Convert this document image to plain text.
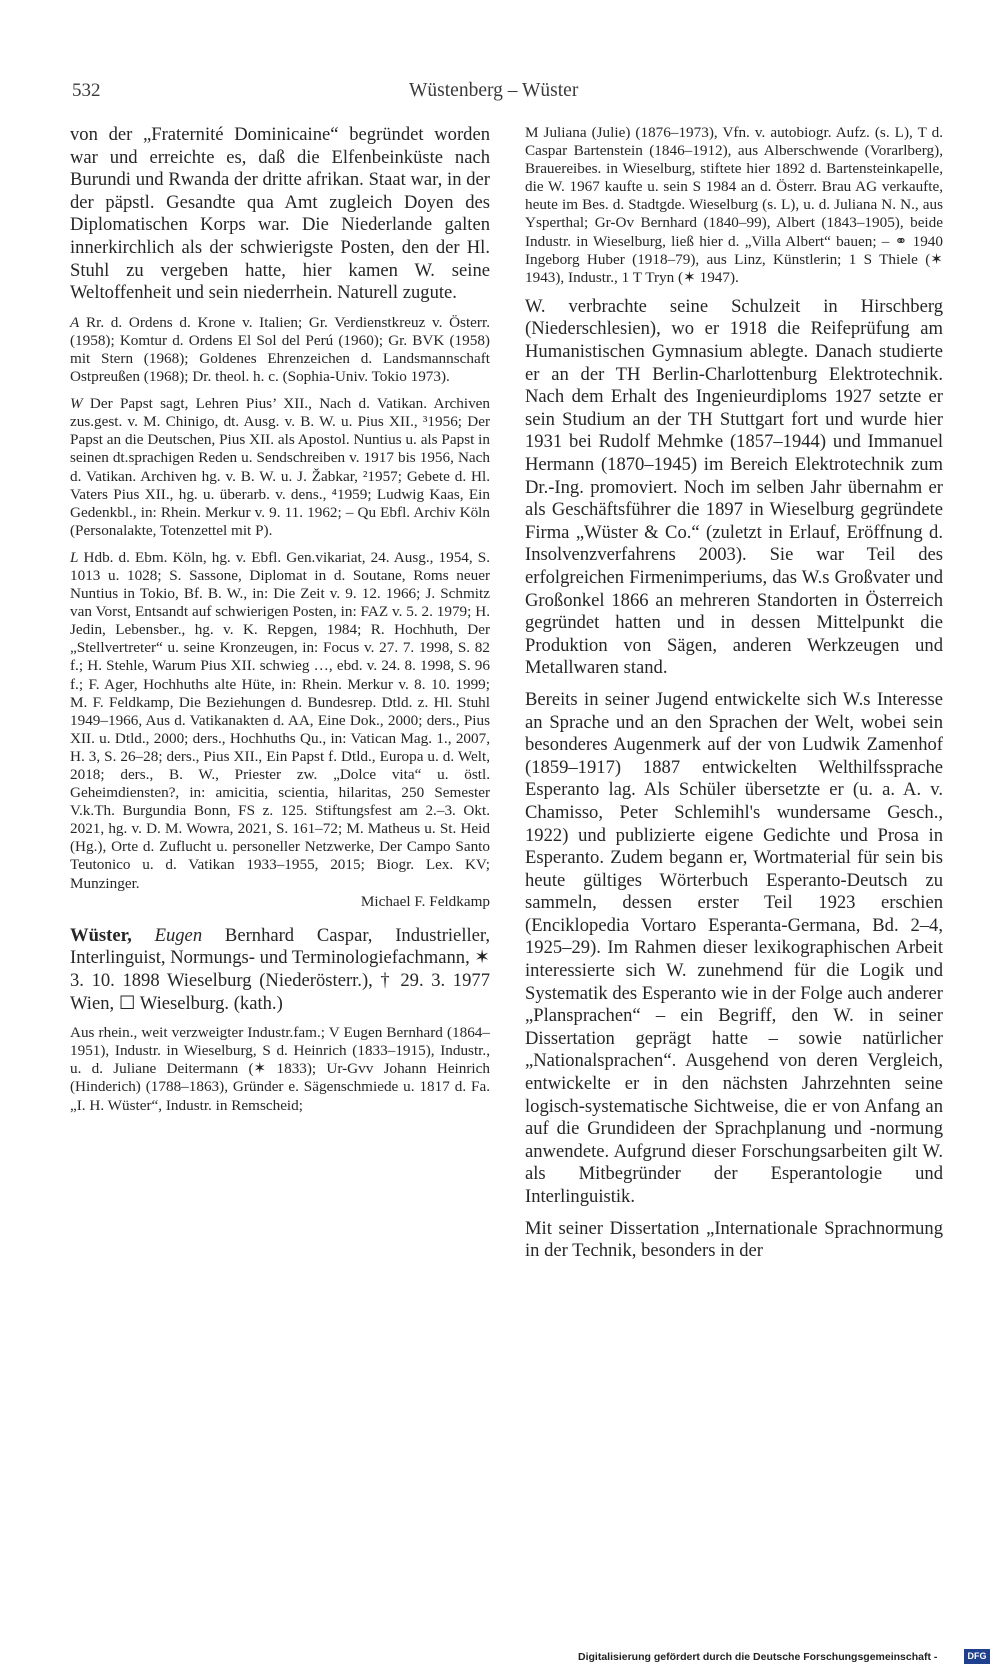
532	Wüstenberg – Wüster

von der „Fraternité Dominicaine“ begründet worden war und erreichte es, daß die Elfenbeinküste nach Burundi und Rwanda der dritte afrikan. Staat war, in der der päpstl. Gesandte qua Amt zugleich Doyen des Diplomatischen Korps war. Die Niederlande galten innerkirchlich als der schwierigste Posten, den der Hl. Stuhl zu vergeben hatte, hier kamen W. seine Weltoffenheit und sein niederrhein. Naturell zugute.

A Rr. d. Ordens d. Krone v. Italien; Gr. Verdienstkreuz v. Österr. (1958); Komtur d. Ordens El Sol del Perú (1960); Gr. BVK (1958) mit Stern (1968); Goldenes Ehrenzeichen d. Landsmannschaft Ostpreußen (1968); Dr. theol. h. c. (Sophia-Univ. Tokio 1973).

W Der Papst sagt, Lehren Pius’ XII., Nach d. Vatikan. Archiven zus.gest. v. M. Chinigo, dt. Ausg. v. B. W. u. Pius XII., ³1956; Der Papst an die Deutschen, Pius XII. als Apostol. Nuntius u. als Papst in seinen dt.sprachigen Reden u. Sendschreiben v. 1917 bis 1956, Nach d. Vatikan. Archiven hg. v. B. W. u. J. Žabkar, ²1957; Gebete d. Hl. Vaters Pius XII., hg. u. überarb. v. dens., ⁴1959; Ludwig Kaas, Ein Gedenkbl., in: Rhein. Merkur v. 9. 11. 1962; – Qu Ebfl. Archiv Köln (Personalakte, Totenzettel mit P).

L Hdb. d. Ebm. Köln, hg. v. Ebfl. Gen.vikariat, 24. Ausg., 1954, S. 1013 u. 1028; S. Sassone, Diplomat in d. Soutane, Roms neuer Nuntius in Tokio, Bf. B. W., in: Die Zeit v. 9. 12. 1966; J. Schmitz van Vorst, Entsandt auf schwierigen Posten, in: FAZ v. 5. 2. 1979; H. Jedin, Lebensber., hg. v. K. Repgen, 1984; R. Hochhuth, Der „Stellvertreter“ u. seine Kronzeugen, in: Focus v. 27. 7. 1998, S. 82 f.; H. Stehle, Warum Pius XII. schwieg …, ebd. v. 24. 8. 1998, S. 96 f.; F. Ager, Hochhuths alte Hüte, in: Rhein. Merkur v. 8. 10. 1999; M. F. Feldkamp, Die Beziehungen d. Bundesrep. Dtld. z. Hl. Stuhl 1949–1966, Aus d. Vatikanakten d. AA, Eine Dok., 2000; ders., Pius XII. u. Dtld., 2000; ders., Hochhuths Qu., in: Vatican Mag. 1., 2007, H. 3, S. 26–28; ders., Pius XII., Ein Papst f. Dtld., Europa u. d. Welt, 2018; ders., B. W., Priester zw. „Dolce vita“ u. östl. Geheimdiensten?, in: amicitia, scientia, hilaritas, 250 Semester V.k.Th. Burgundia Bonn, FS z. 125. Stiftungsfest am 2.–3. Okt. 2021, hg. v. D. M. Wowra, 2021, S. 161–72; M. Matheus u. St. Heid (Hg.), Orte d. Zuflucht u. personeller Netzwerke, Der Campo Santo Teutonico u. d. Vatikan 1933–1955, 2015; Biogr. Lex. KV; Munzinger.

Michael F. Feldkamp

Wüster, Eugen Bernhard Caspar, Industrieller, Interlinguist, Normungs- und Terminologiefachmann, ✶ 3. 10. 1898 Wieselburg (Niederösterr.), † 29. 3. 1977 Wien, ☐ Wieselburg. (kath.)

Aus rhein., weit verzweigter Industr.fam.; V Eugen Bernhard (1864–1951), Industr. in Wieselburg, S d. Heinrich (1833–1915), Industr., u. d. Juliane Deitermann (✶ 1833); Ur-Gvv Johann Heinrich (Hinderich) (1788–1863), Gründer e. Sägenschmiede u. 1817 d. Fa. „I. H. Wüster“, Industr. in Remscheid;

M Juliana (Julie) (1876–1973), Vfn. v. autobiogr. Aufz. (s. L), T d. Caspar Bartenstein (1846–1912), aus Alberschwende (Vorarlberg), Brauereibes. in Wieselburg, stiftete hier 1892 d. Bartensteinkapelle, die W. 1967 kaufte u. sein S 1984 an d. Österr. Brau AG verkaufte, heute im Bes. d. Stadtgde. Wieselburg (s. L), u. d. Juliana N. N., aus Ysperthal; Gr-Ov Bernhard (1840–99), Albert (1843–1905), beide Industr. in Wieselburg, ließ hier d. „Villa Albert“ bauen; – ⚭ 1940 Ingeborg Huber (1918–79), aus Linz, Künstlerin; 1 S Thiele (✶ 1943), Industr., 1 T Tryn (✶ 1947).

W. verbrachte seine Schulzeit in Hirschberg (Niederschlesien), wo er 1918 die Reifeprüfung am Humanistischen Gymnasium ablegte. Danach studierte er an der TH Berlin-Charlottenburg Elektrotechnik. Nach dem Erhalt des Ingenieurdiploms 1927 setzte er sein Studium an der TH Stuttgart fort und wurde hier 1931 bei Rudolf Mehmke (1857–1944) und Immanuel Hermann (1870–1945) im Bereich Elektrotechnik zum Dr.-Ing. promoviert. Noch im selben Jahr übernahm er als Geschäftsführer die 1897 in Wieselburg gegründete Firma „Wüster & Co.“ (zuletzt in Erlauf, Eröffnung d. Insolvenzverfahrens 2003). Sie war Teil des erfolgreichen Firmenimperiums, das W.s Großvater und Großonkel 1866 an mehreren Standorten in Österreich gegründet hatten und in dessen Mittelpunkt die Produktion von Sägen, anderen Werkzeugen und Metallwaren stand.

Bereits in seiner Jugend entwickelte sich W.s Interesse an Sprache und an den Sprachen der Welt, wobei sein besonderes Augenmerk auf der von Ludwik Zamenhof (1859–1917) 1887 entwickelten Welthilfssprache Esperanto lag. Als Schüler übersetzte er (u. a. A. v. Chamisso, Peter Schlemihl's wundersame Gesch., 1922) und publizierte eigene Gedichte und Prosa in Esperanto. Zudem begann er, Wortmaterial für sein bis heute gültiges Wörterbuch Esperanto-Deutsch zu sammeln, dessen erster Teil 1923 erschien (Enciklopedia Vortaro Esperanta-Germana, Bd. 2–4, 1925–29). Im Rahmen dieser lexikographischen Arbeit interessierte sich W. zunehmend für die Logik und Systematik des Esperanto wie in der Folge auch anderer „Plansprachen“ – ein Begriff, den W. in seiner Dissertation geprägt hatte – sowie natürlicher „Nationalsprachen“. Ausgehend von deren Vergleich, entwickelte er in den nächsten Jahrzehnten seine logisch-systematische Sichtweise, die er von Anfang an auf die Grundideen der Sprachplanung und -normung anwendete. Aufgrund dieser Forschungsarbeiten gilt W. als Mitbegründer der Esperantologie und Interlinguistik.

Mit seiner Dissertation „Internationale Sprachnormung in der Technik, besonders in der

Digitalisierung gefördert durch die Deutsche Forschungsgemeinschaft -	DFG
